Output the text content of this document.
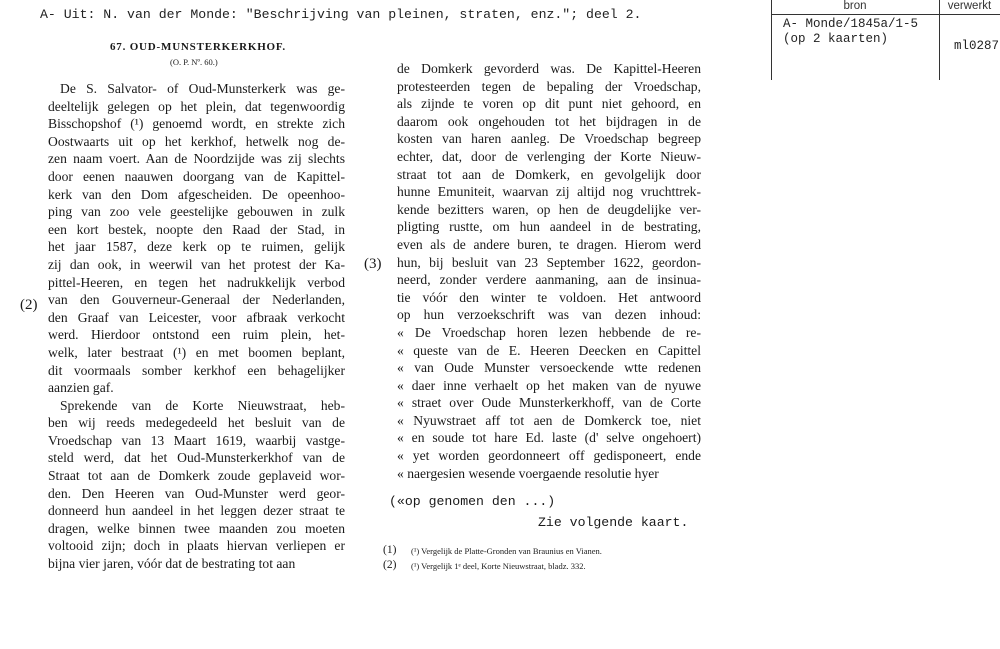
A- Uit: N. van der Monde: "Beschrijving van pleinen, straten, enz."; deel 2.
bron	verwerkt
A- Monde/1845a/1-5
(op 2 kaarten)	ml0287
67. OUD-MUNSTERKERKHOF.
(O. P. Nº. 60.)
De S. Salvator- of Oud-Munsterkerk was ge-
deeltelijk gelegen op het plein, dat tegenwoordig
Bisschopshof (¹) genoemd wordt, en strekte zich
Oostwaarts uit op het kerkhof, hetwelk nog de-
zen naam voert. Aan de Noordzijde was zij slechts
door eenen naauwen doorgang van de Kapittel-
kerk van den Dom afgescheiden. De opeenhoo-
ping van zoo vele geestelijke gebouwen in zulk
een kort bestek, noopte den Raad der Stad, in
het jaar 1587, deze kerk op te ruimen, gelijk
zij dan ook, in weerwil van het protest der Ka-
pittel-Heeren, en tegen het nadrukkelijk verbod
van den Gouverneur-Generaal der Nederlanden,
den Graaf van Leicester, voor afbraak verkocht
werd. Hierdoor ontstond een ruim plein, het-
welk, later bestraat (¹) en met boomen beplant,
dit voormaals somber kerkhof een behagelijker
aanzien gaf.
Sprekende van de Korte Nieuwstraat, heb-
ben wij reeds medegedeeld het besluit van de
Vroedschap van 13 Maart 1619, waarbij vastge-
steld werd, dat het Oud-Munsterkerkhof van de
Straat tot aan de Domkerk zoude geplaveid wor-
den. Den Heeren van Oud-Munster werd geor-
donneerd hun aandeel in het leggen dezer straat te
dragen, welke binnen twee maanden zou moeten
voltooid zijn; doch in plaats hiervan verliepen er
bijna vier jaren, vóór dat de bestrating tot aan
de Domkerk gevorderd was. De Kapittel-Heeren
protesteerden tegen de bepaling der Vroedschap,
als zijnde te voren op dit punt niet gehoord, en
daarom ook ongehouden tot het bijdragen in de
kosten van haren aanleg. De Vroedschap begreep
echter, dat, door de verlenging der Korte Nieuw-
straat tot aan de Domkerk, en gevolgelijk door
hunne Emuniteit, waarvan zij altijd nog vruchttrek-
kende bezitters waren, op hen de deugdelijke ver-
pligting rustte, om hun aandeel in de bestrating,
even als de andere buren, te dragen. Hierom werd
hun, bij besluit van 23 September 1622, geordon-
neerd, zonder verdere aanmaning, aan de insinua-
tie vóór den winter te voldoen. Het antwoord
op hun verzoekschrift was van dezen inhoud:
« De Vroedschap horen lezen hebbende de re-
« queste van de E. Heeren Deecken en Capittel
« van Oude Munster versoeckende wtte redenen
« daer inne verhaelt op het maken van de nyuwe
« straet over Oude Munsterkerkhoff, van de Corte
« Nyuwstraet aff tot aen de Domkerck toe, niet
« en soude tot hare Ed. laste (d' selve ongehoert)
« yet worden geordonneert off gedisponeert, ende
« naergesien wesende voergaende resolutie hyer
(2)
(3)
(«op genomen den ...)
Zie volgende kaart.
(1) (¹) Vergelijk de Platte-Gronden van Braunius en Vianen.
(2) (¹) Vergelijk 1ᵉ deel, Korte Nieuwstraat, bladz. 332.
